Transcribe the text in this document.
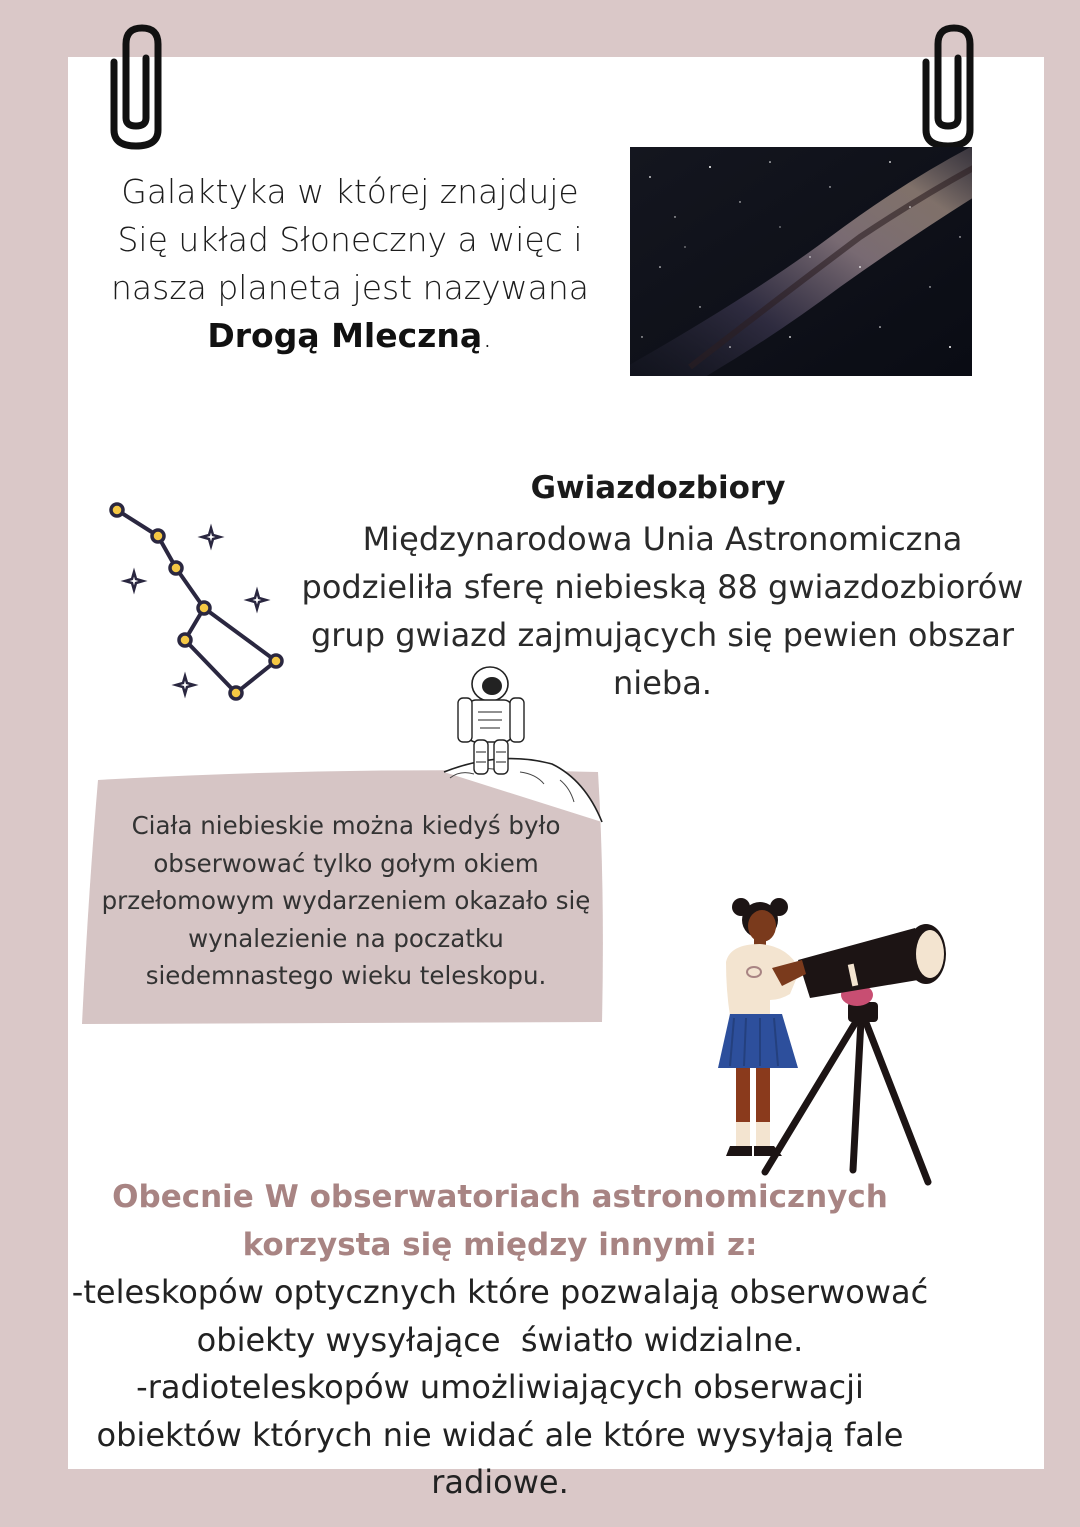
Galaktyka w której znajduje Się układ Słoneczny a więc i nasza planeta jest nazywana Drogą Mleczną.
Gwiazdozbiory
Międzynarodowa Unia Astronomiczna podzieliła sferę niebieską 88 gwiazdozbiorów grup gwiazd zajmujących się pewien obszar nieba.
Ciała niebieskie można kiedyś było obserwować tylko gołym okiem przełomowym wydarzeniem okazało się wynalezienie na poczatku siedemnastego wieku teleskopu.
Obecnie W obserwatoriach astronomicznych korzysta się między innymi z:
-teleskopów optycznych które pozwalają obserwować
obiekty wysyłające  światło widzialne.
-radioteleskopów umożliwiających obserwacji
obiektów których nie widać ale które wysyłają fale
radiowe.
